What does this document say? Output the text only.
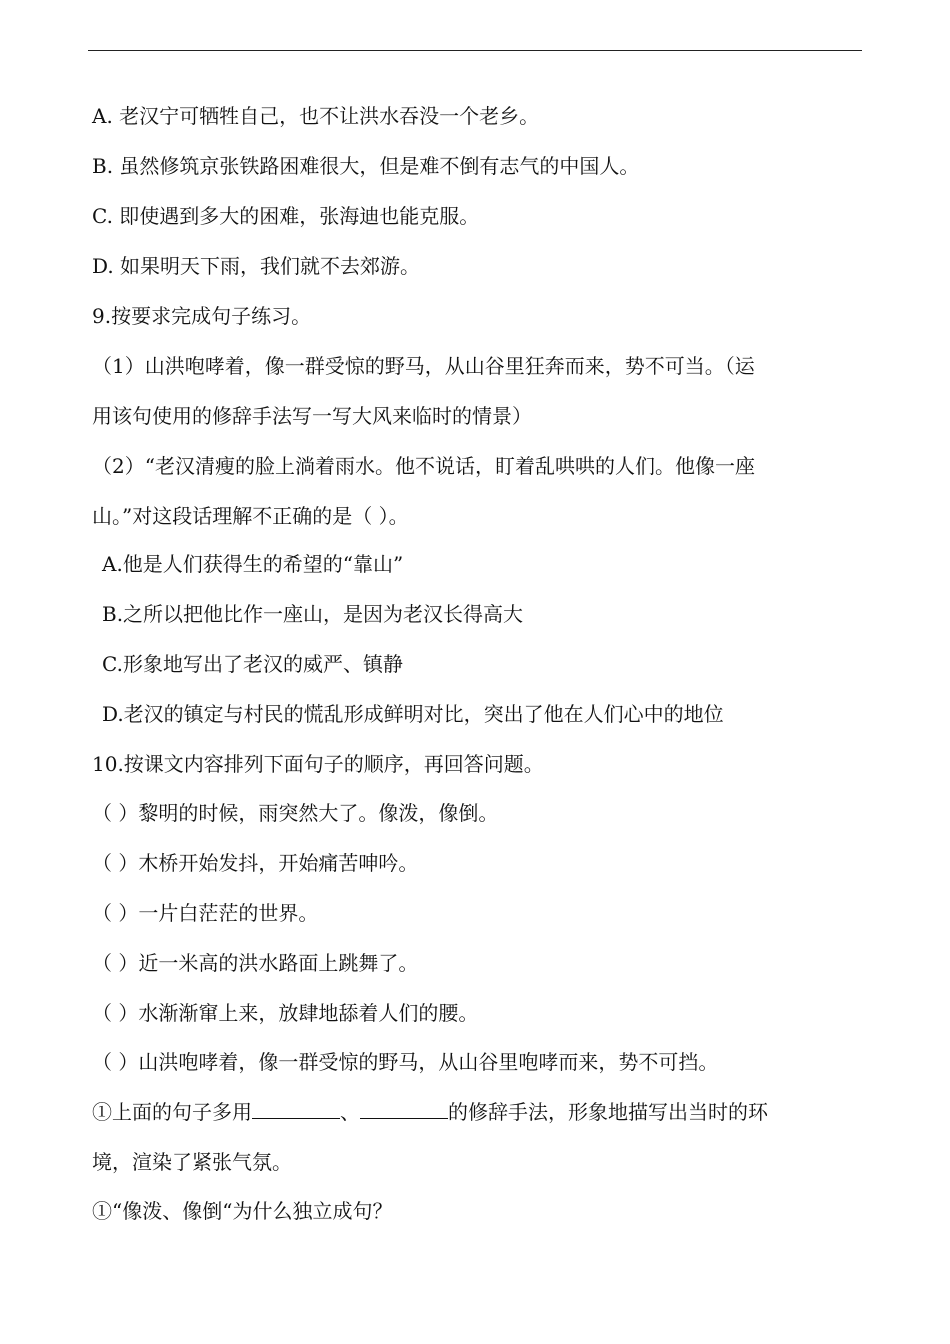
A. 老汉宁可牺牲自己，也不让洪水吞没一个老乡。
B. 虽然修筑京张铁路困难很大，但是难不倒有志气的中国人。
C. 即使遇到多大的困难，张海迪也能克服。
D. 如果明天下雨，我们就不去郊游。
9.按要求完成句子练习。
（1）山洪咆哮着，像一群受惊的野马，从山谷里狂奔而来，势不可当。（运
用该句使用的修辞手法写一写大风来临时的情景）
（2）“老汉清瘦的脸上淌着雨水。他不说话，盯着乱哄哄的人们。他像一座
山。”对这段话理解不正确的是（ ）。
A.他是人们获得生的希望的“靠山”
B.之所以把他比作一座山，是因为老汉长得高大
C.形象地写出了老汉的威严、镇静
D.老汉的镇定与村民的慌乱形成鲜明对比，突出了他在人们心中的地位
10.按课文内容排列下面句子的顺序，再回答问题。
（ ）黎明的时候，雨突然大了。像泼，像倒。
（ ）木桥开始发抖，开始痛苦呻吟。
（ ）一片白茫茫的世界。
（ ）近一米高的洪水路面上跳舞了。
（ ）水渐渐窜上来，放肆地舔着人们的腰。
（ ）山洪咆哮着，像一群受惊的野马，从山谷里咆哮而来，势不可挡。
①上面的句子多用	、	的修辞手法，形象地描写出当时的环
境，渲染了紧张气氛。
①“像泼、像倒“为什么独立成句？
